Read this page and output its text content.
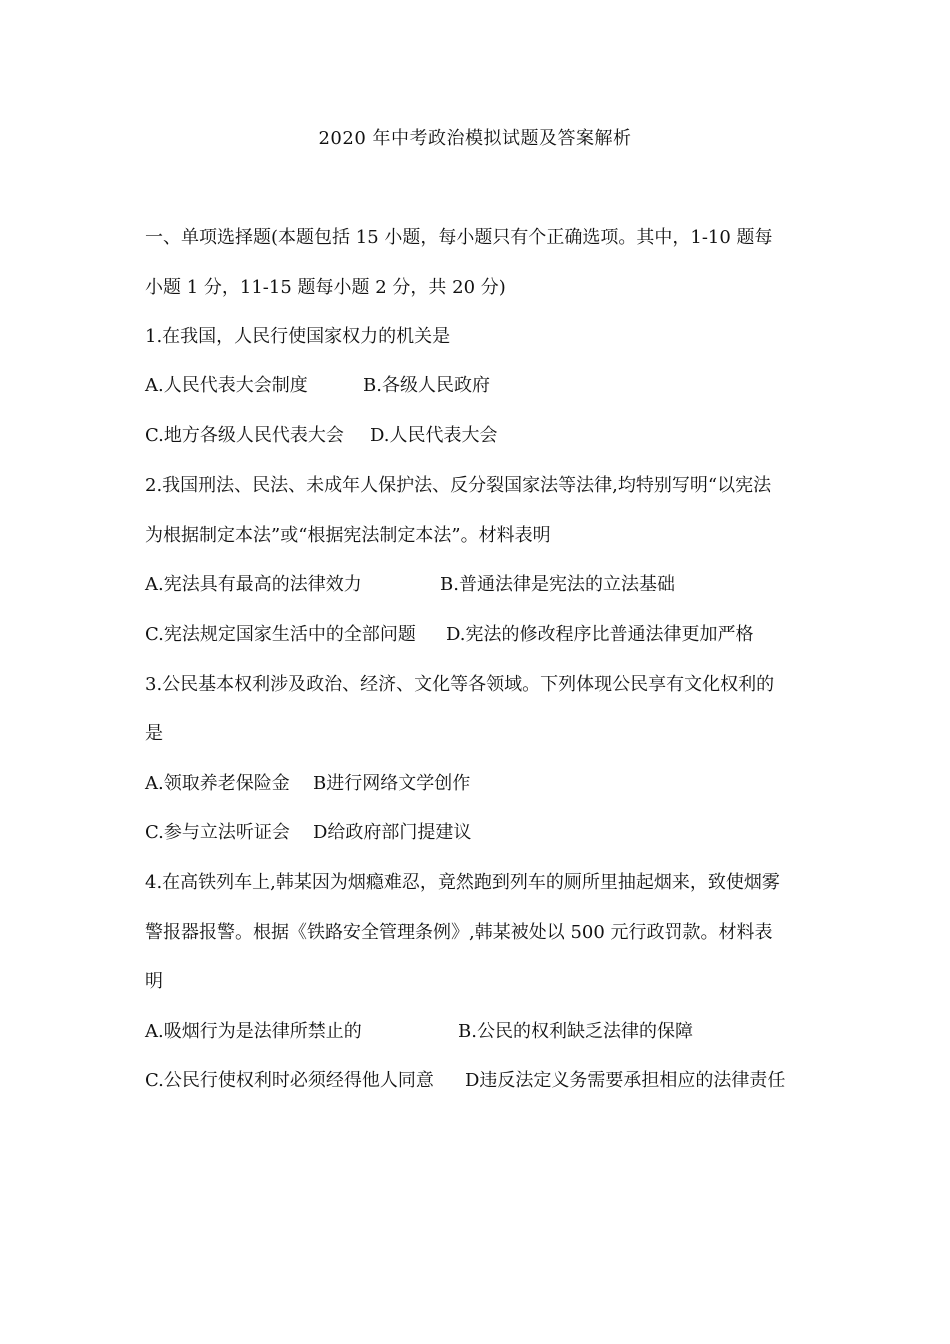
2020 年中考政治模拟试题及答案解析
一、单项选择题(本题包括 15 小题，每小题只有个正确选项。其中，1-10 题每
小题 1 分，11-15 题每小题 2 分，共 20 分)
1.在我国，人民行使国家权力的机关是
A.人民代表大会制度	B.各级人民政府
C.地方各级人民代表大会 D.人民代表大会
2.我国刑法、民法、未成年人保护法、反分裂国家法等法律,均特别写明“以宪法
为根据制定本法”或“根据宪法制定本法”。材料表明
A.宪法具有最高的法律效力	B.普通法律是宪法的立法基础
C.宪法规定国家生活中的全部问题 D.宪法的修改程序比普通法律更加严格
3.公民基本权利涉及政治、经济、文化等各领域。下列体现公民享有文化权利的
是
A.领取养老保险金 B进行网络文学创作
C.参与立法听证会 D给政府部门提建议
4.在高铁列车上,韩某因为烟瘾难忍，竟然跑到列车的厕所里抽起烟来，致使烟雾
警报器报警。根据《铁路安全管理条例》,韩某被处以 500 元行政罚款。材料表
明
A.吸烟行为是法律所禁止的	B.公民的权利缺乏法律的保障
C.公民行使权利时必须经得他人同意 D违反法定义务需要承担相应的法律责任
